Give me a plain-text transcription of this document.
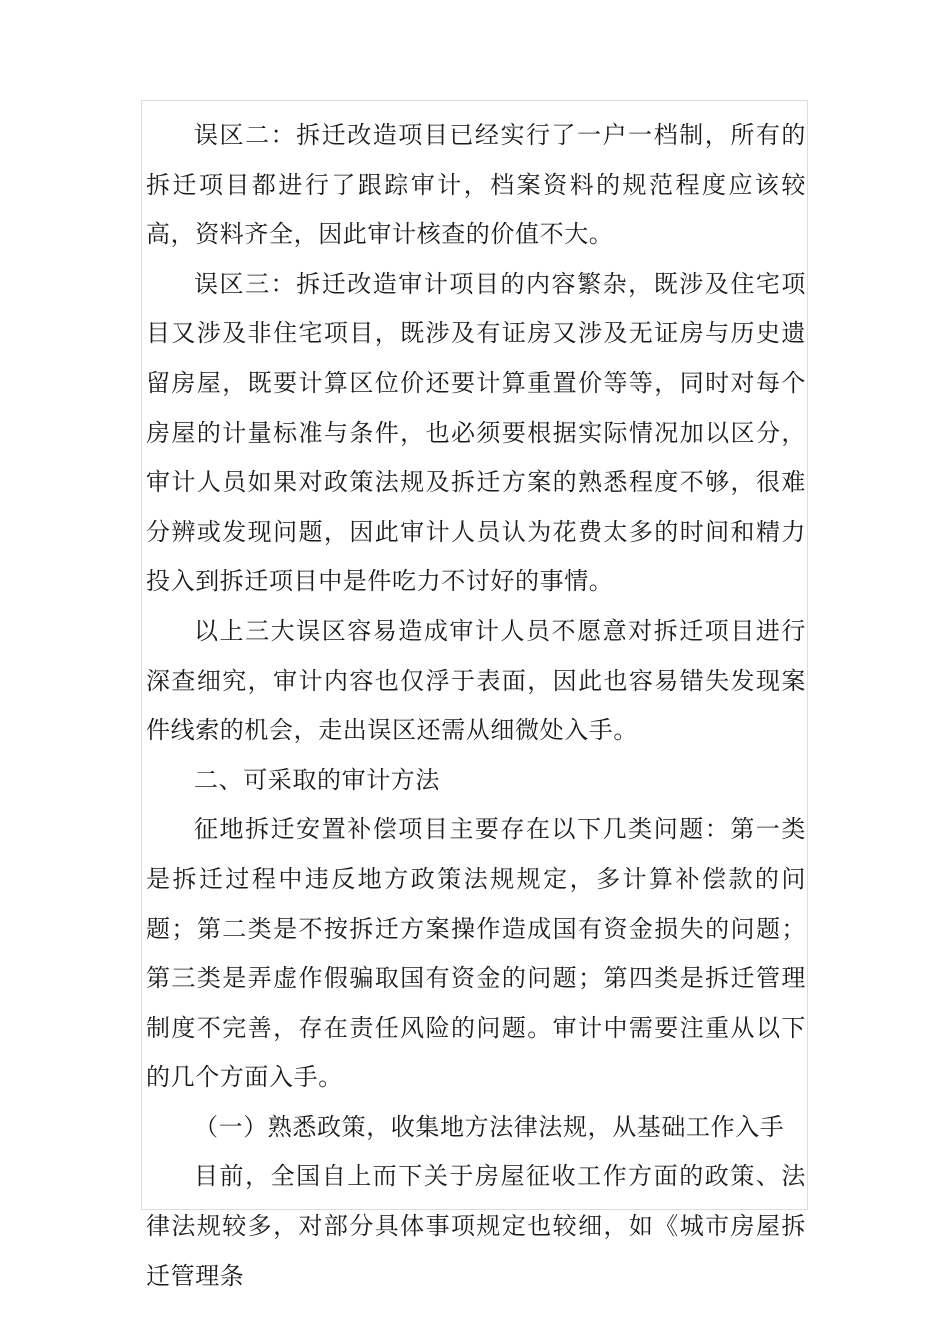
误区二：拆迁改造项目已经实行了一户一档制，所有的拆迁项目都进行了跟踪审计，档案资料的规范程度应该较高，资料齐全，因此审计核查的价值不大。

误区三：拆迁改造审计项目的内容繁杂，既涉及住宅项目又涉及非住宅项目，既涉及有证房又涉及无证房与历史遗留房屋，既要计算区位价还要计算重置价等等，同时对每个房屋的计量标准与条件，也必须要根据实际情况加以区分，审计人员如果对政策法规及拆迁方案的熟悉程度不够，很难分辨或发现问题，因此审计人员认为花费太多的时间和精力投入到拆迁项目中是件吃力不讨好的事情。

以上三大误区容易造成审计人员不愿意对拆迁项目进行深查细究，审计内容也仅浮于表面，因此也容易错失发现案件线索的机会，走出误区还需从细微处入手。

二、可采取的审计方法

征地拆迁安置补偿项目主要存在以下几类问题：第一类是拆迁过程中违反地方政策法规规定，多计算补偿款的问题；第二类是不按拆迁方案操作造成国有资金损失的问题；第三类是弄虚作假骗取国有资金的问题；第四类是拆迁管理制度不完善，存在责任风险的问题。审计中需要注重从以下的几个方面入手。

（一）熟悉政策，收集地方法律法规，从基础工作入手

目前，全国自上而下关于房屋征收工作方面的政策、法律法规较多，对部分具体事项规定也较细，如《城市房屋拆迁管理条
